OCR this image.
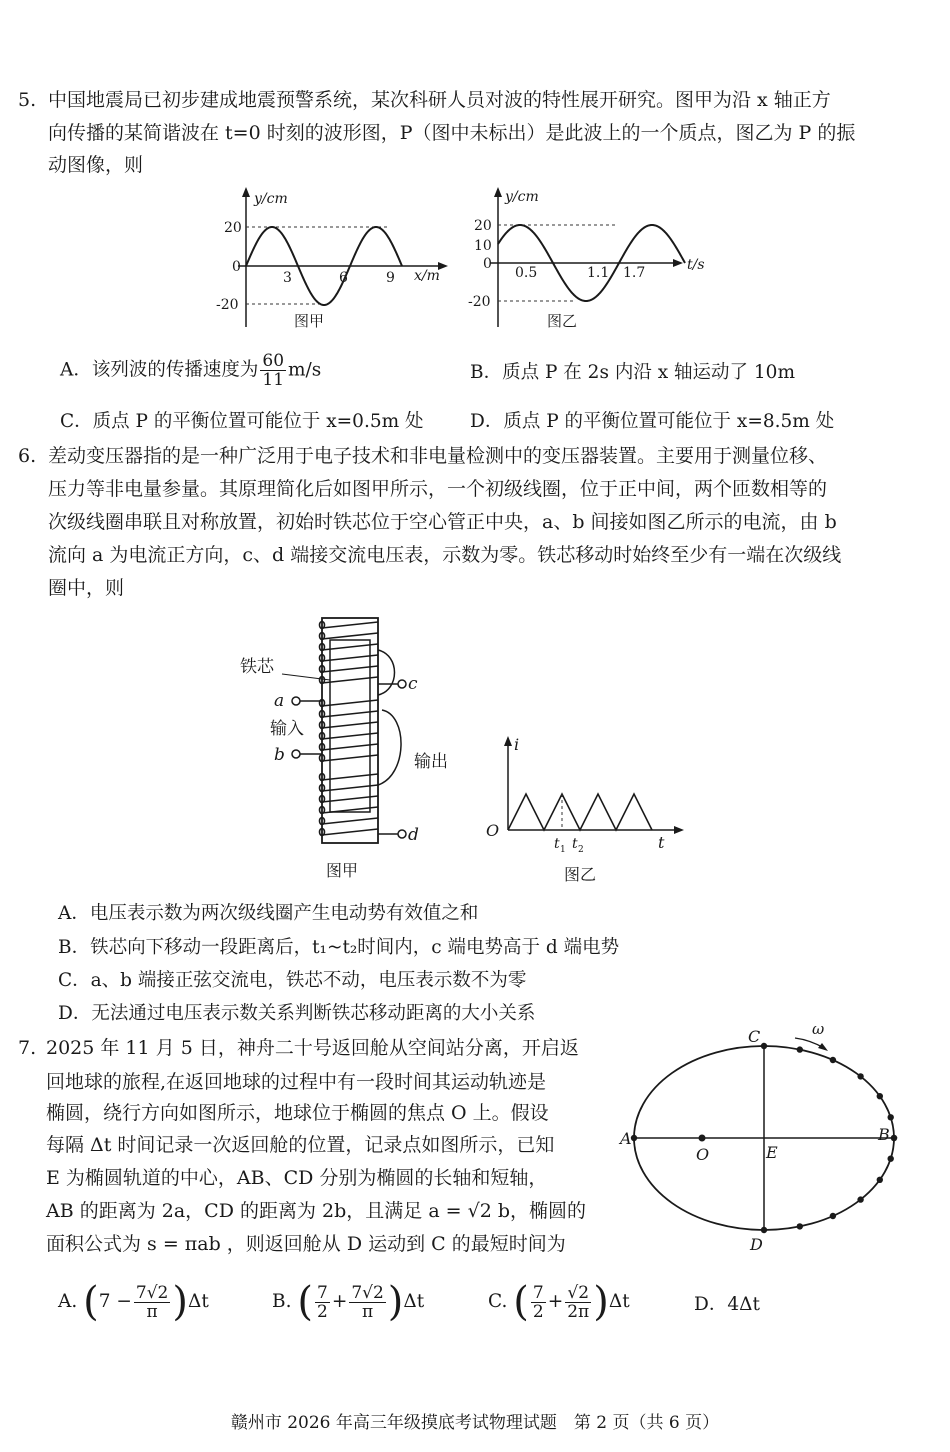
5. 中国地震局已初步建成地震预警系统，某次科研人员对波的特性展开研究。图甲为沿 x 轴正方
向传播的某简谐波在 t=0 时刻的波形图，P（图中未标出）是此波上的一个质点，图乙为 P 的振
动图像，则
y/cm
x/m
20
0
-20
3	6	9
图甲
y/cm
t/s
20
10
0
-20
0.5	1.1 1.7
图乙
A．该列波的传播速度为 $\frac{60}{11} m/s$	B．质点 P 在 2s 内沿 x 轴运动了 10m
C．质点 P 的平衡位置可能位于 x=0.5m 处	D．质点 P 的平衡位置可能位于 x=8.5m 处
6. 差动变压器指的是一种广泛用于电子技术和非电量检测中的变压器装置。主要用于测量位移、
压力等非电量参量。其原理简化后如图甲所示，一个初级线圈，位于正中间，两个匝数相等的
次级线圈串联且对称放置，初始时铁芯位于空心管正中央，a、b 间接如图乙所示的电流，由 b
流向 a 为电流正方向，c、d 端接交流电压表，示数为零。铁芯移动时始终至少有一端在次级线
圈中，则
铁芯
a
输入
b
c
d
输出
图甲
i
O
t 1 t 2	t
图乙
A．电压表示数为两次级线圈产生电动势有效值之和
B．铁芯向下移动一段距离后，t₁~t₂时间内，c 端电势高于 d 端电势
C．a、b 端接正弦交流电，铁芯不动，电压表示数不为零
D．无法通过电压表示数关系判断铁芯移动距离的大小关系
7. 2025 年 11 月 5 日，神舟二十号返回舱从空间站分离，开启返
回地球的旅程,在返回地球的过程中有一段时间其运动轨迹是
椭圆，绕行方向如图所示，地球位于椭圆的焦点 O 上。假设
每隔 Δt 时间记录一次返回舱的位置，记录点如图所示，已知
E 为椭圆轨道的中心，AB、CD 分别为椭圆的长轴和短轴，
AB 的距离为 2a，CD 的距离为 2b，且满足 a = √2 b，椭圆的
面积公式为 s = πab ，则返回舱从 D 运动到 C 的最短时间为
C	ω
A	B
O	E
D
A. $(7 - \frac{7√2}{\pi} )\Delta t$	B. ( $\frac{7}{2} + \frac{7√2}{\pi} )\Delta t$	C. ( $\frac{7}{2} + \frac{√2}{2\pi} )\Delta t$	D．4Δt
赣州市 2026 年高三年级摸底考试物理试题　第 2 页（共 6 页）
